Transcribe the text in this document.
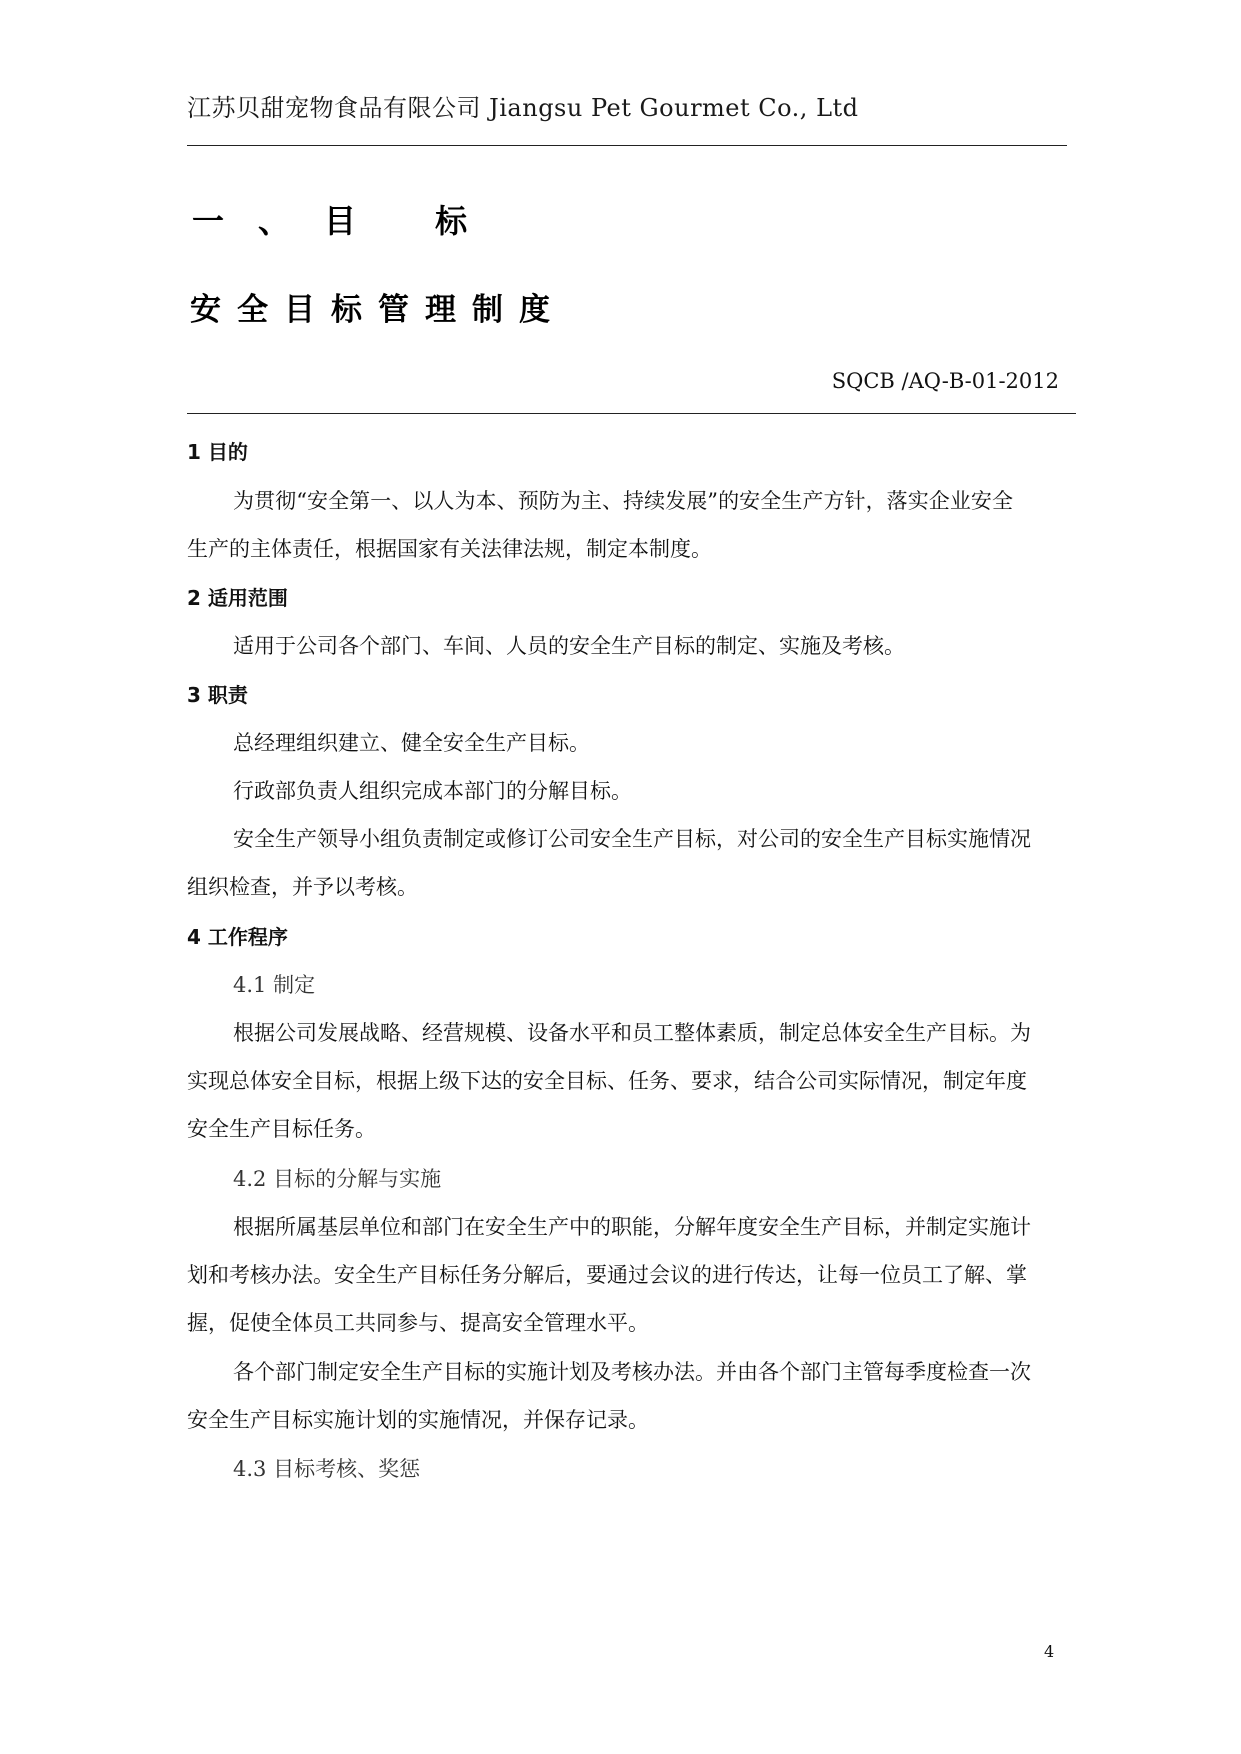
江苏贝甜宠物食品有限公司 Jiangsu Pet Gourmet Co., Ltd
一、目 标
安全目标管理制度
SQCB /AQ-B-01-2012
1 目的
为贯彻“安全第一、以人为本、预防为主、持续发展”的安全生产方针，落实企业安全
生产的主体责任，根据国家有关法律法规，制定本制度。
2 适用范围
适用于公司各个部门、车间、人员的安全生产目标的制定、实施及考核。
3 职责
总经理组织建立、健全安全生产目标。
行政部负责人组织完成本部门的分解目标。
安全生产领导小组负责制定或修订公司安全生产目标，对公司的安全生产目标实施情况
组织检查，并予以考核。
4 工作程序
4.1 制定
根据公司发展战略、经营规模、设备水平和员工整体素质，制定总体安全生产目标。为
实现总体安全目标，根据上级下达的安全目标、任务、要求，结合公司实际情况，制定年度
安全生产目标任务。
4.2 目标的分解与实施
根据所属基层单位和部门在安全生产中的职能，分解年度安全生产目标，并制定实施计
划和考核办法。安全生产目标任务分解后，要通过会议的进行传达，让每一位员工了解、掌
握，促使全体员工共同参与、提高安全管理水平。
各个部门制定安全生产目标的实施计划及考核办法。并由各个部门主管每季度检查一次
安全生产目标实施计划的实施情况，并保存记录。
4.3 目标考核、奖惩
4
